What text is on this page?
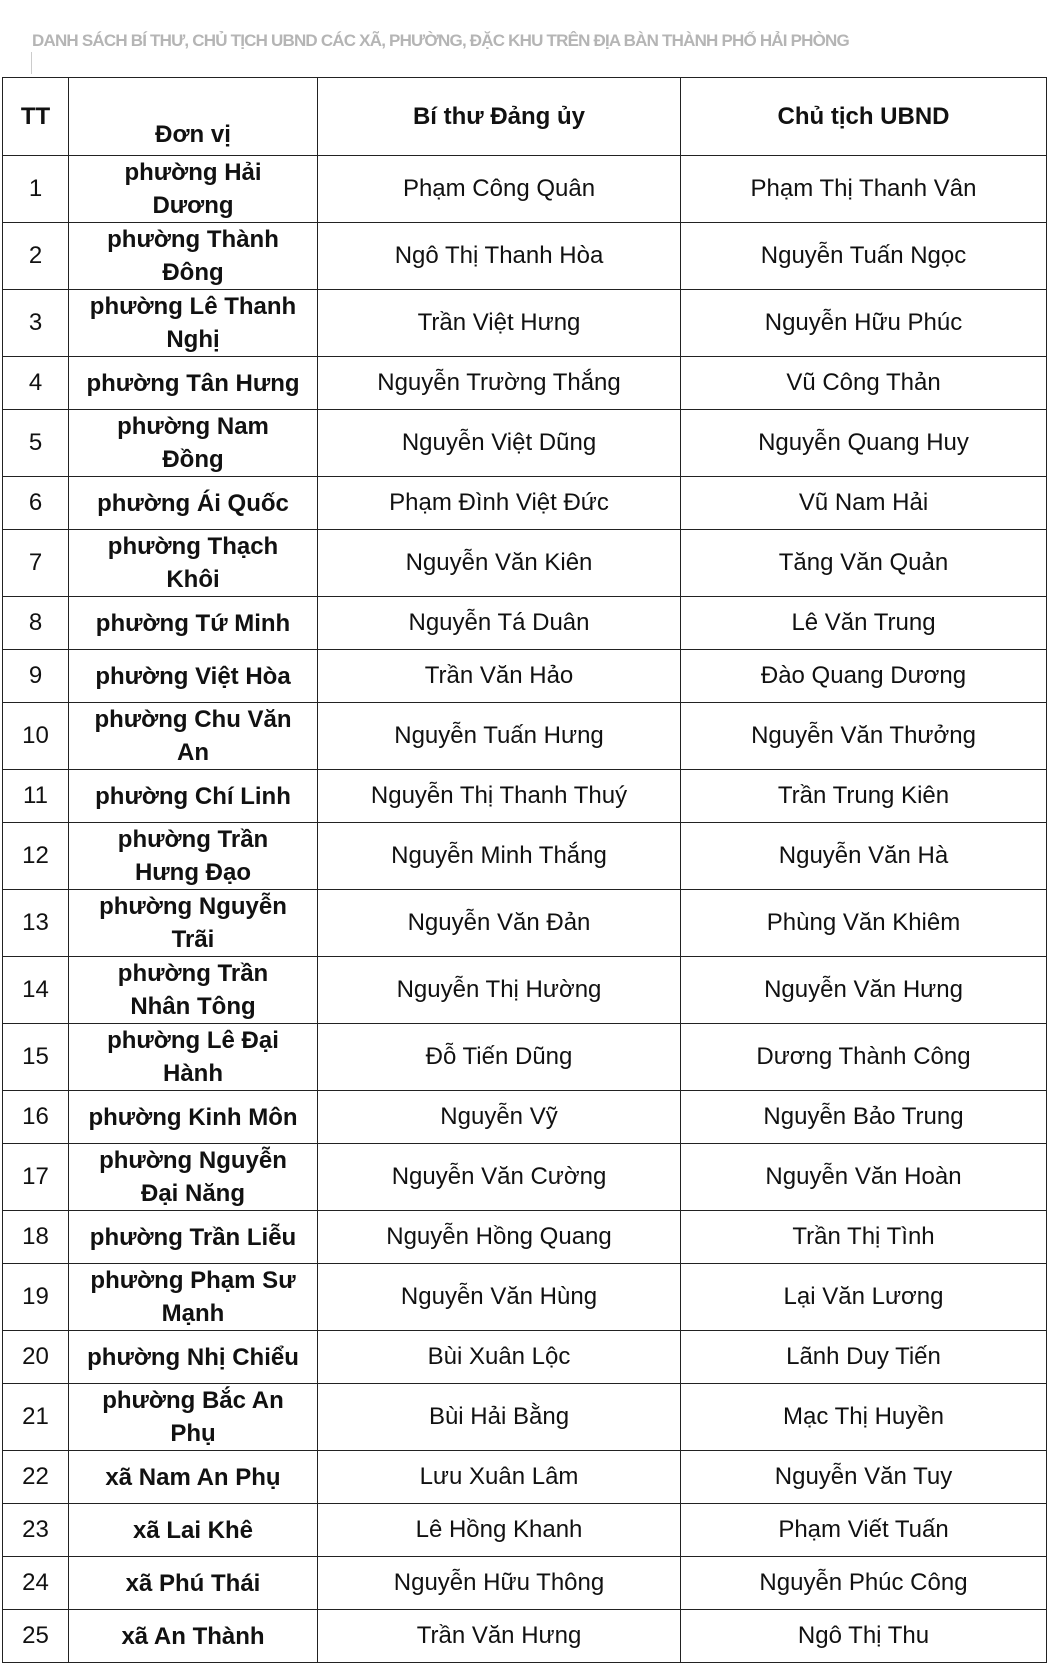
DANH SÁCH BÍ THƯ, CHỦ TỊCH UBND CÁC XÃ, PHƯỜNG, ĐẶC KHU TRÊN ĐỊA BÀN THÀNH PHỐ HẢI PHÒNG
TT	Đơn vị	Bí thư Đảng ủy	Chủ tịch UBND
1	phường Hải Dương	Phạm Công Quân	Phạm Thị Thanh Vân
2	phường Thành Đông	Ngô Thị Thanh Hòa	Nguyễn Tuấn Ngọc
3	phường Lê Thanh Nghị	Trần Việt Hưng	Nguyễn Hữu Phúc
4	phường Tân Hưng	Nguyễn Trường Thắng	Vũ Công Thản
5	phường Nam Đồng	Nguyễn Việt Dũng	Nguyễn Quang Huy
6	phường Ái Quốc	Phạm Đình Việt Đức	Vũ Nam Hải
7	phường Thạch Khôi	Nguyễn Văn Kiên	Tăng Văn Quản
8	phường Tứ Minh	Nguyễn Tá Duân	Lê Văn Trung
9	phường Việt Hòa	Trần Văn Hảo	Đào Quang Dương
10	phường Chu Văn An	Nguyễn Tuấn Hưng	Nguyễn Văn Thưởng
11	phường Chí Linh	Nguyễn Thị Thanh Thuý	Trần Trung Kiên
12	phường Trần Hưng Đạo	Nguyễn Minh Thắng	Nguyễn Văn Hà
13	phường Nguyễn Trãi	Nguyễn Văn Đản	Phùng Văn Khiêm
14	phường Trần Nhân Tông	Nguyễn Thị Hường	Nguyễn Văn Hưng
15	phường Lê Đại Hành	Đỗ Tiến Dũng	Dương Thành Công
16	phường Kinh Môn	Nguyễn Vỹ	Nguyễn Bảo Trung
17	phường Nguyễn Đại Năng	Nguyễn Văn Cường	Nguyễn Văn Hoàn
18	phường Trần Liễu	Nguyễn Hồng Quang	Trần Thị Tình
19	phường Phạm Sư Mạnh	Nguyễn Văn Hùng	Lại Văn Lương
20	phường Nhị Chiểu	Bùi Xuân Lộc	Lãnh Duy Tiến
21	phường Bắc An Phụ	Bùi Hải Bằng	Mạc Thị Huyền
22	xã Nam An Phụ	Lưu Xuân Lâm	Nguyễn Văn Tuy
23	xã Lai Khê	Lê Hồng Khanh	Phạm Viết Tuấn
24	xã Phú Thái	Nguyễn Hữu Thông	Nguyễn Phúc Công
25	xã An Thành	Trần Văn Hưng	Ngô Thị Thu
